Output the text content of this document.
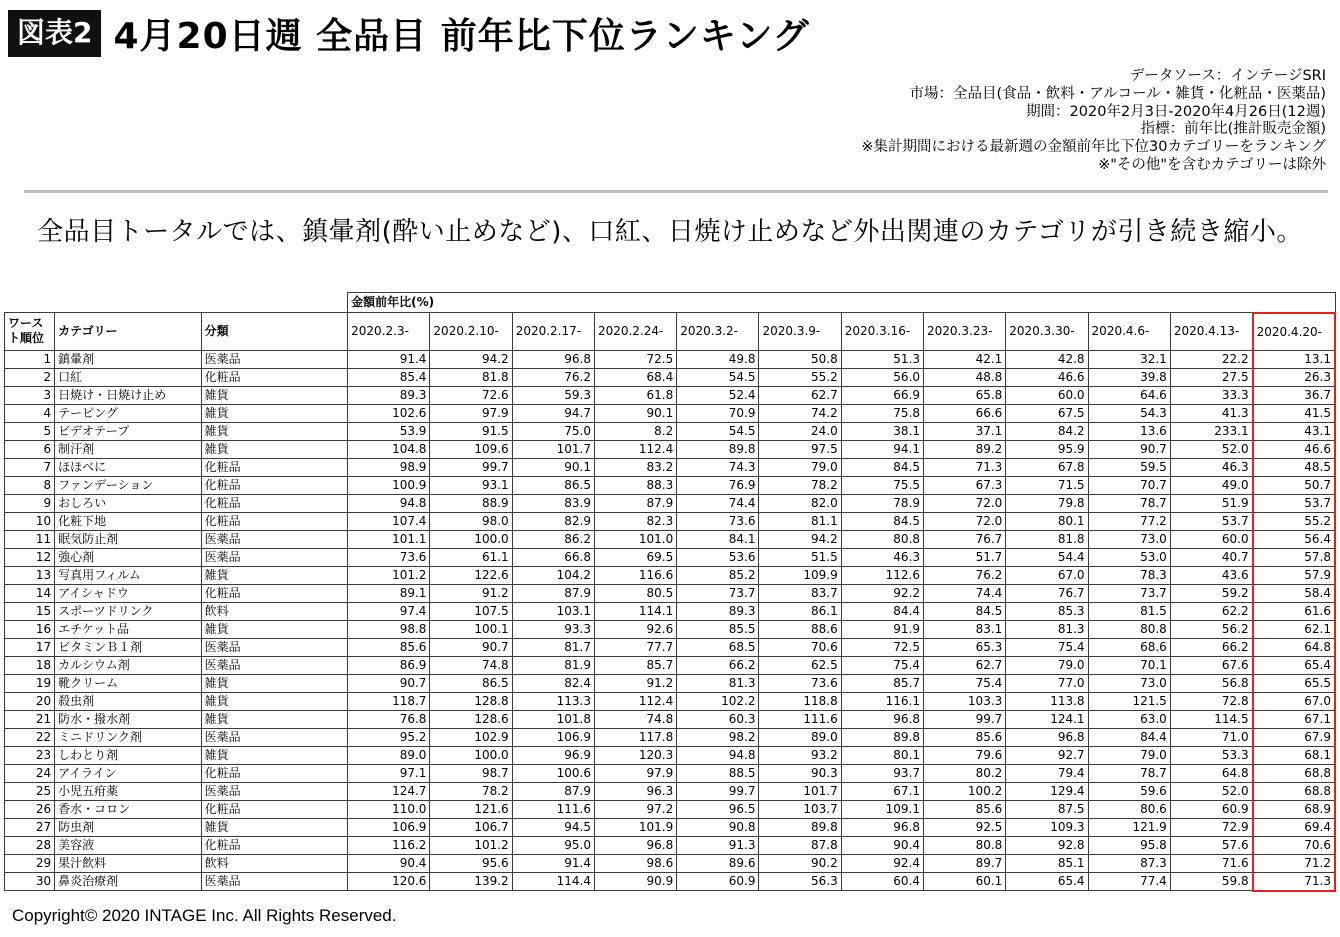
図表2 4月20日週 全品目 前年比下位ランキング
データソース：インテージSRI
市場：全品目(食品・飲料・アルコール・雑貨・化粧品・医薬品)
期間：2020年2月3日-2020年4月26日(12週)
指標：前年比(推計販売金額)
※集計期間における最新週の金額前年比下位30カテゴリーをランキング
※"その他"を含むカテゴリーは除外
全品目トータルでは、鎮暈剤(酔い止めなど)、口紅、日焼け止めなど外出関連のカテゴリが引き続き縮小。
			金額前年比(%)											
ワースト順位	カテゴリー	分類	2020.2.3-	2020.2.10-	2020.2.17-	2020.2.24-	2020.3.2-	2020.3.9-	2020.3.16-	2020.3.23-	2020.3.30-	2020.4.6-	2020.4.13-	2020.4.20-
1	鎮暈剤	医薬品	91.4	94.2	96.8	72.5	49.8	50.8	51.3	42.1	42.8	32.1	22.2	13.1
2	口紅	化粧品	85.4	81.8	76.2	68.4	54.5	55.2	56.0	48.8	46.6	39.8	27.5	26.3
3	日焼け・日焼け止め	雑貨	89.3	72.6	59.3	61.8	52.4	62.7	66.9	65.8	60.0	64.6	33.3	36.7
4	テーピング	雑貨	102.6	97.9	94.7	90.1	70.9	74.2	75.8	66.6	67.5	54.3	41.3	41.5
5	ビデオテープ	雑貨	53.9	91.5	75.0	8.2	54.5	24.0	38.1	37.1	84.2	13.6	233.1	43.1
6	制汗剤	雑貨	104.8	109.6	101.7	112.4	89.8	97.5	94.1	89.2	95.9	90.7	52.0	46.6
7	ほほべに	化粧品	98.9	99.7	90.1	83.2	74.3	79.0	84.5	71.3	67.8	59.5	46.3	48.5
8	ファンデーション	化粧品	100.9	93.1	86.5	88.3	76.9	78.2	75.5	67.3	71.5	70.7	49.0	50.7
9	おしろい	化粧品	94.8	88.9	83.9	87.9	74.4	82.0	78.9	72.0	79.8	78.7	51.9	53.7
10	化粧下地	化粧品	107.4	98.0	82.9	82.3	73.6	81.1	84.5	72.0	80.1	77.2	53.7	55.2
11	眠気防止剤	医薬品	101.1	100.0	86.2	101.0	84.1	94.2	80.8	76.7	81.8	73.0	60.0	56.4
12	強心剤	医薬品	73.6	61.1	66.8	69.5	53.6	51.5	46.3	51.7	54.4	53.0	40.7	57.8
13	写真用フィルム	雑貨	101.2	122.6	104.2	116.6	85.2	109.9	112.6	76.2	67.0	78.3	43.6	57.9
14	アイシャドウ	化粧品	89.1	91.2	87.9	80.5	73.7	83.7	92.2	74.4	76.7	73.7	59.2	58.4
15	スポーツドリンク	飲料	97.4	107.5	103.1	114.1	89.3	86.1	84.4	84.5	85.3	81.5	62.2	61.6
16	エチケット品	雑貨	98.8	100.1	93.3	92.6	85.5	88.6	91.9	83.1	81.3	80.8	56.2	62.1
17	ビタミンＢ１剤	医薬品	85.6	90.7	81.7	77.7	68.5	70.6	72.5	65.3	75.4	68.6	66.2	64.8
18	カルシウム剤	医薬品	86.9	74.8	81.9	85.7	66.2	62.5	75.4	62.7	79.0	70.1	67.6	65.4
19	靴クリーム	雑貨	90.7	86.5	82.4	91.2	81.3	73.6	85.7	75.4	77.0	73.0	56.8	65.5
20	殺虫剤	雑貨	118.7	128.8	113.3	112.4	102.2	118.8	116.1	103.3	113.8	121.5	72.8	67.0
21	防水・撥水剤	雑貨	76.8	128.6	101.8	74.8	60.3	111.6	96.8	99.7	124.1	63.0	114.5	67.1
22	ミニドリンク剤	医薬品	95.2	102.9	106.9	117.8	98.2	89.0	89.8	85.6	96.8	84.4	71.0	67.9
23	しわとり剤	雑貨	89.0	100.0	96.9	120.3	94.8	93.2	80.1	79.6	92.7	79.0	53.3	68.1
24	アイライン	化粧品	97.1	98.7	100.6	97.9	88.5	90.3	93.7	80.2	79.4	78.7	64.8	68.8
25	小児五疳薬	医薬品	124.7	78.2	87.9	96.3	99.7	101.7	67.1	100.2	129.4	59.6	52.0	68.8
26	香水・コロン	化粧品	110.0	121.6	111.6	97.2	96.5	103.7	109.1	85.6	87.5	80.6	60.9	68.9
27	防虫剤	雑貨	106.9	106.7	94.5	101.9	90.8	89.8	96.8	92.5	109.3	121.9	72.9	69.4
28	美容液	化粧品	116.2	101.2	95.0	96.8	91.3	87.8	90.4	80.8	92.8	95.8	57.6	70.6
29	果汁飲料	飲料	90.4	95.6	91.4	98.6	89.6	90.2	92.4	89.7	85.1	87.3	71.6	71.2
30	鼻炎治療剤	医薬品	120.6	139.2	114.4	90.9	60.9	56.3	60.4	60.1	65.4	77.4	59.8	71.3
Copyright© 2020 INTAGE Inc. All Rights Reserved.
